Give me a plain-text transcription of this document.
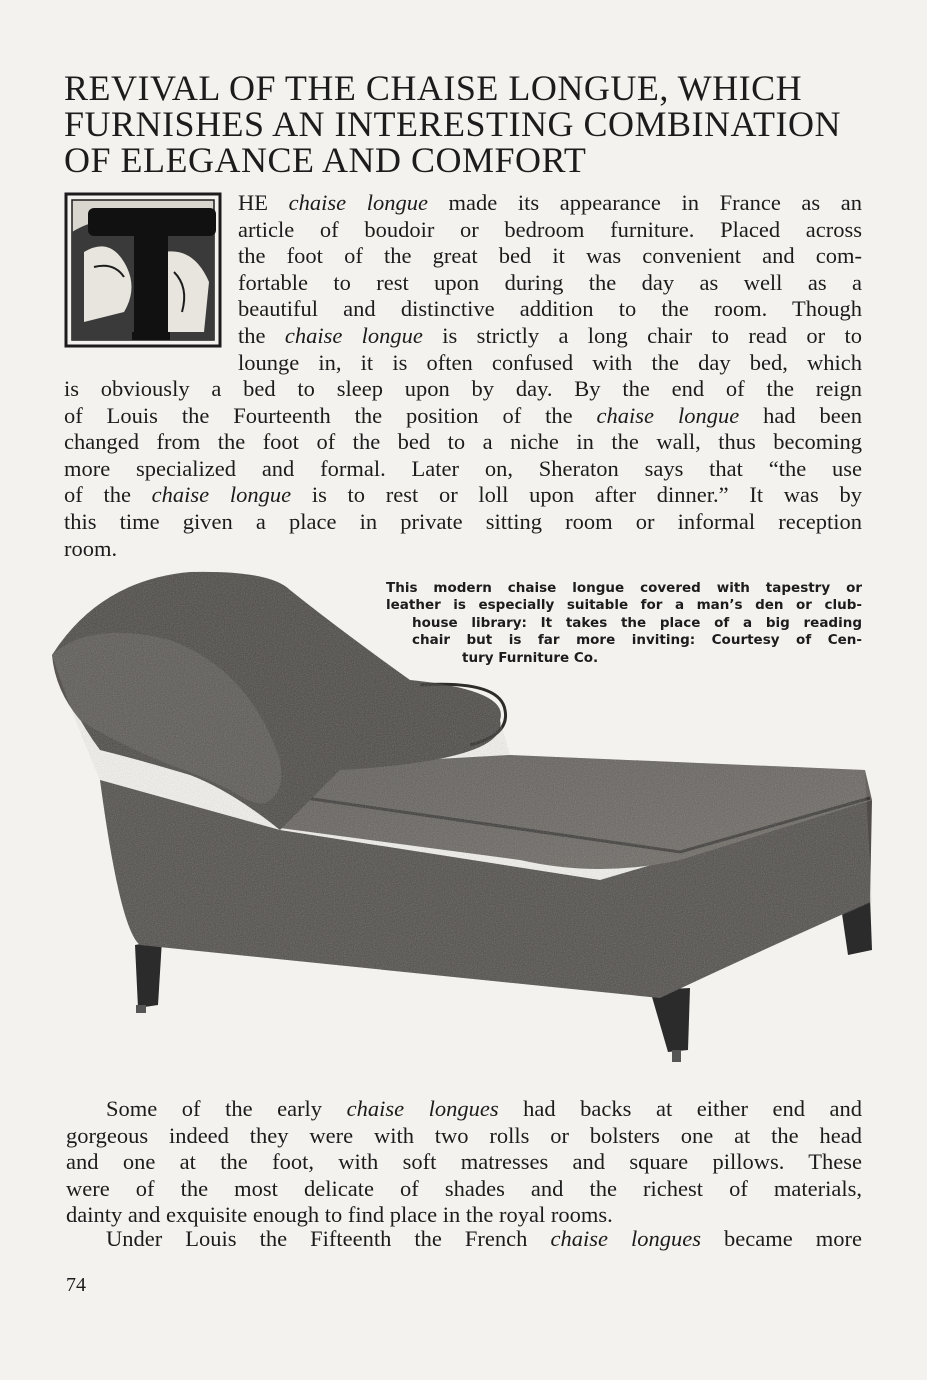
REVIVAL OF THE CHAISE LONGUE, WHICH
FURNISHES AN INTERESTING COMBINATION
OF ELEGANCE AND COMFORT

HE chaise longue made its appearance in France as an
article of boudoir or bedroom furniture. Placed across
the foot of the great bed it was convenient and com-
fortable to rest upon during the day as well as a
beautiful and distinctive addition to the room. Though
the chaise longue is strictly a long chair to read or to
lounge in, it is often confused with the day bed, which

is obviously a bed to sleep upon by day. By the end of the reign
of Louis the Fourteenth the position of the chaise longue had been
changed from the foot of the bed to a niche in the wall, thus becoming
more specialized and formal. Later on, Sheraton says that “the use
of the chaise longue is to rest or loll upon after dinner.” It was by
this time given a place in private sitting room or informal reception
room.

This modern chaise longue covered with tapestry or
leather is especially suitable for a man’s den or club-

house library: It takes the place of a big reading
chair but is far more inviting: Courtesy of Cen-

tury Furniture Co.

Some of the early chaise longues had backs at either end and
gorgeous indeed they were with two rolls or bolsters one at the head
and one at the foot, with soft matresses and square pillows. These
were of the most delicate of shades and the richest of materials,
dainty and exquisite enough to find place in the royal rooms.

Under Louis the Fifteenth the French chaise longues became more

74
